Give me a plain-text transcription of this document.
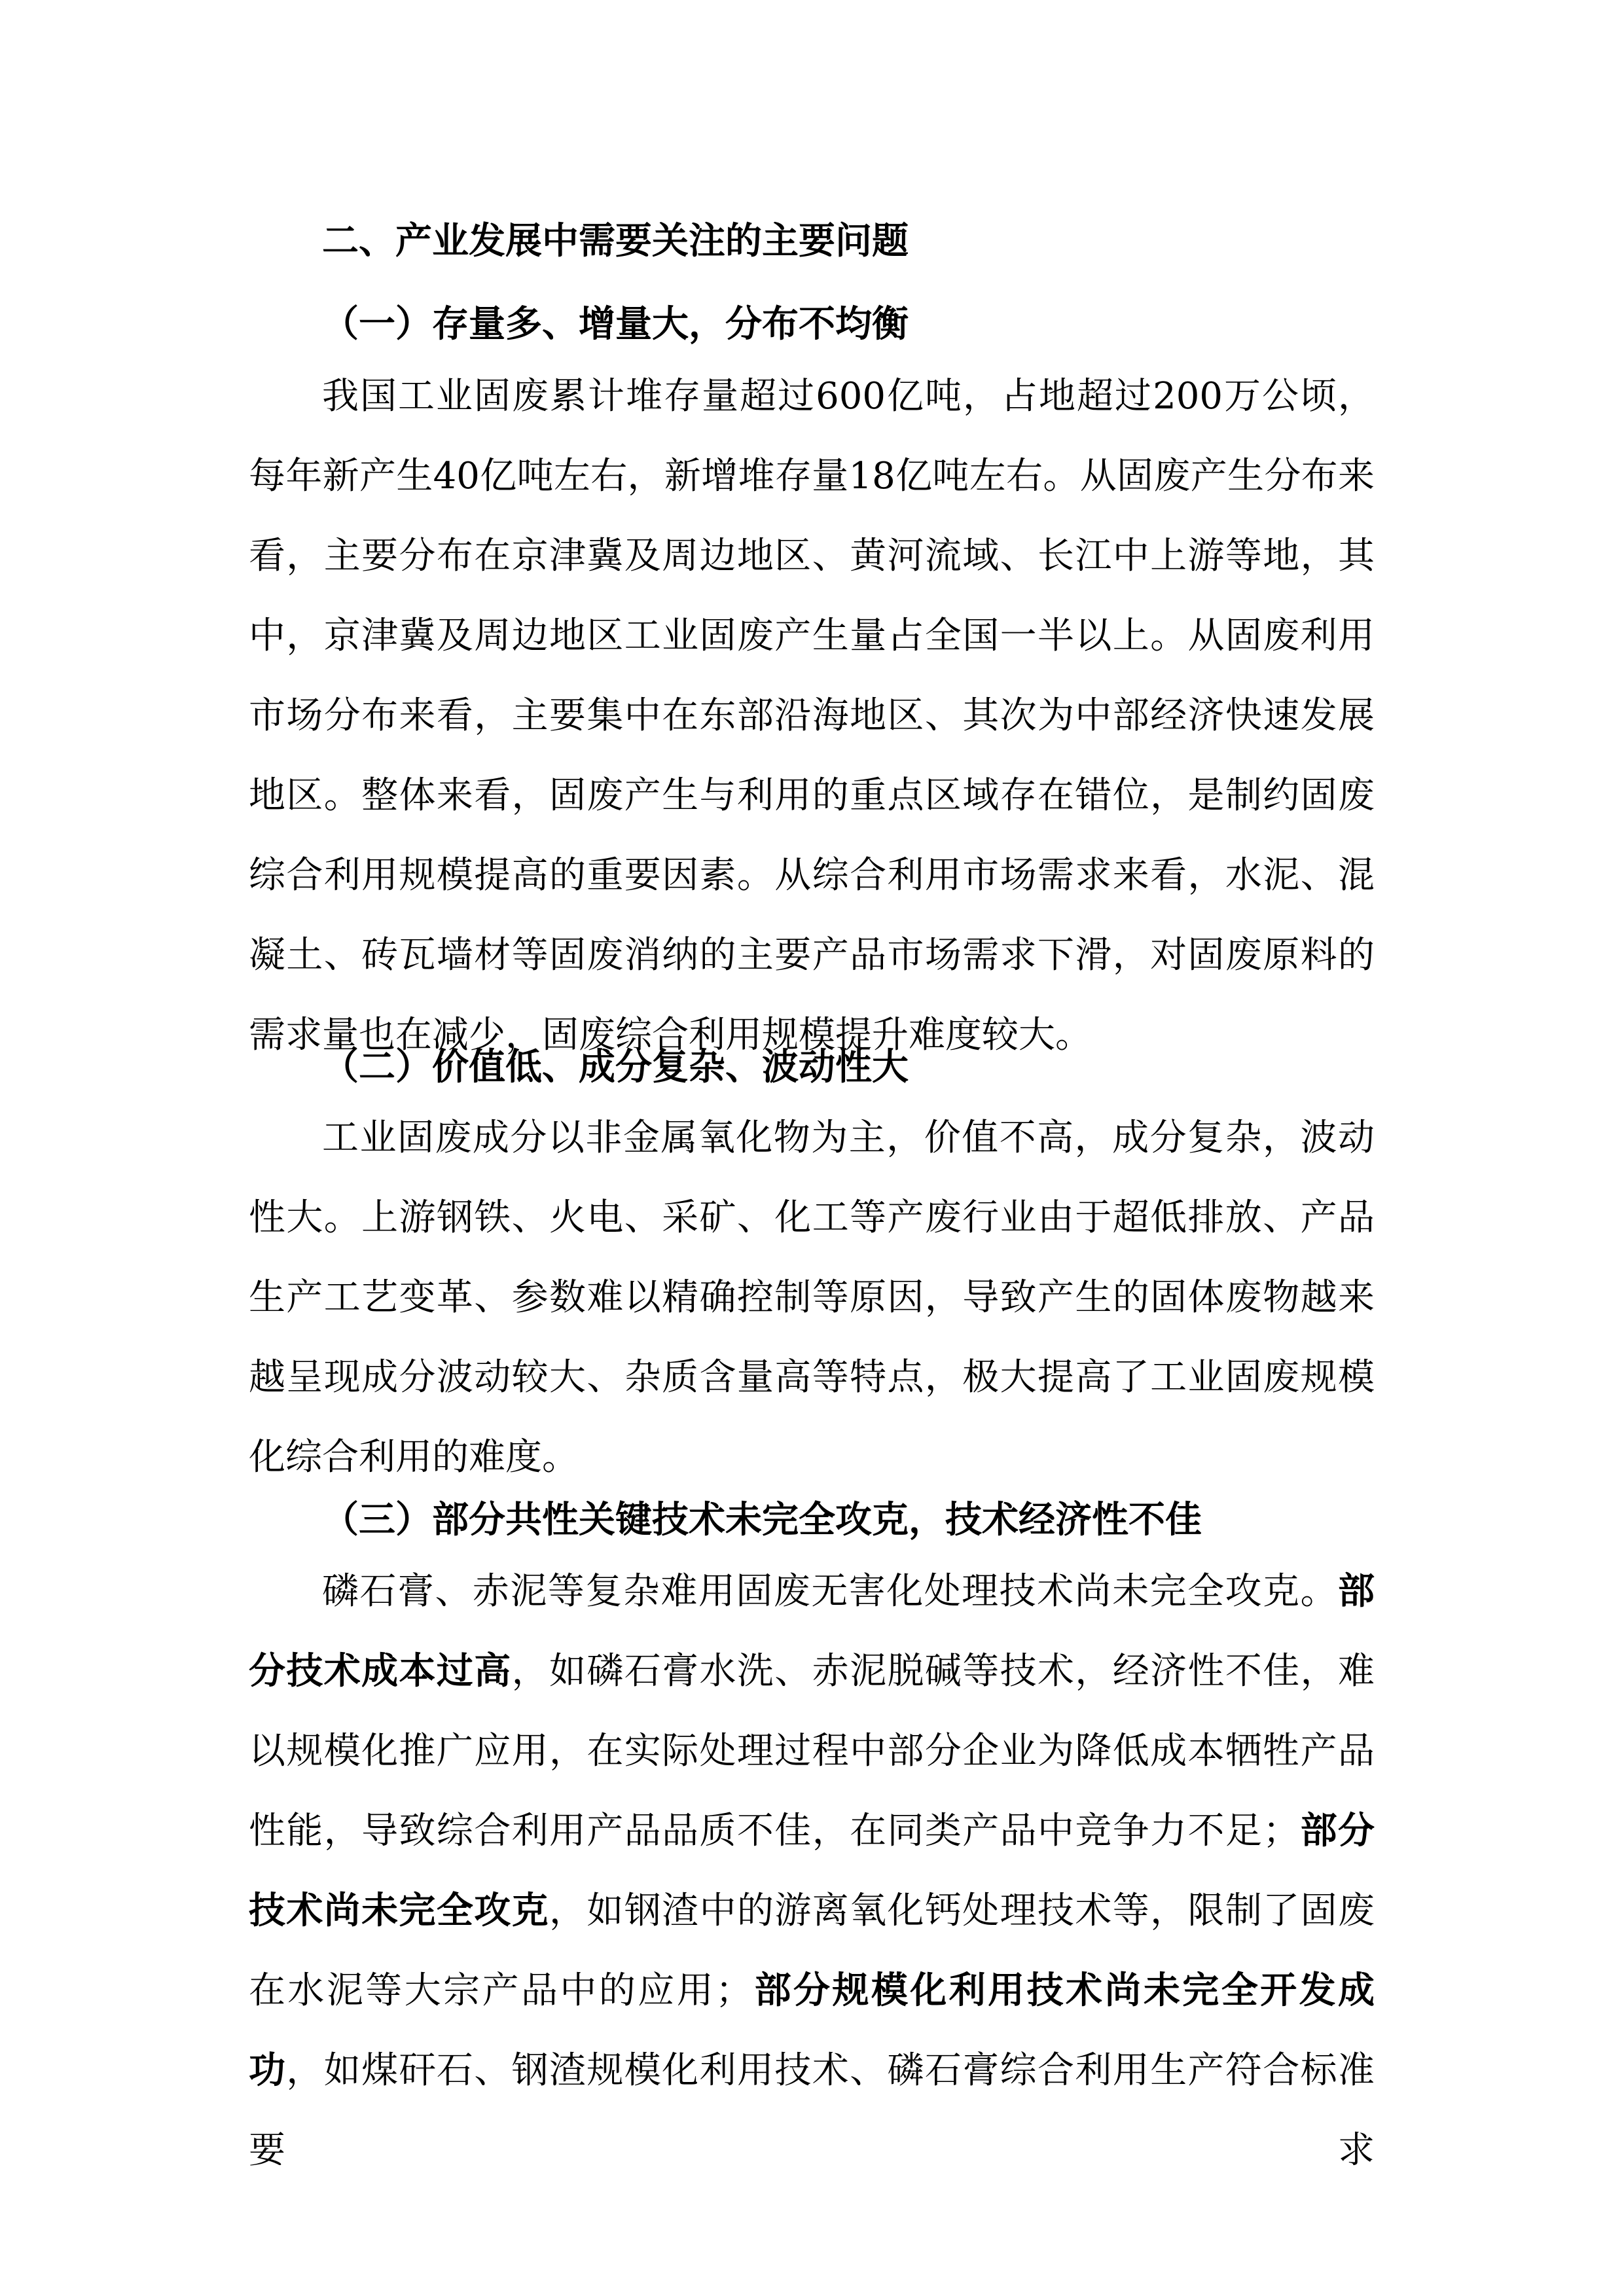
二、产业发展中需要关注的主要问题
（一）存量多、增量大，分布不均衡

我国工业固废累计堆存量超过600亿吨，占地超过200万公顷，每年新产生40亿吨左右，新增堆存量18亿吨左右。从固废产生分布来看，主要分布在京津冀及周边地区、黄河流域、长江中上游等地，其中，京津冀及周边地区工业固废产生量占全国一半以上。从固废利用市场分布来看，主要集中在东部沿海地区、其次为中部经济快速发展地区。整体来看，固废产生与利用的重点区域存在错位，是制约固废综合利用规模提高的重要因素。从综合利用市场需求来看，水泥、混凝土、砖瓦墙材等固废消纳的主要产品市场需求下滑，对固废原料的需求量也在减少，固废综合利用规模提升难度较大。

（二）价值低、成分复杂、波动性大

工业固废成分以非金属氧化物为主，价值不高，成分复杂，波动性大。上游钢铁、火电、采矿、化工等产废行业由于超低排放、产品生产工艺变革、参数难以精确控制等原因，导致产生的固体废物越来越呈现成分波动较大、杂质含量高等特点，极大提高了工业固废规模化综合利用的难度。

（三）部分共性关键技术未完全攻克，技术经济性不佳

磷石膏、赤泥等复杂难用固废无害化处理技术尚未完全攻克。部分技术成本过高，如磷石膏水洗、赤泥脱碱等技术，经济性不佳，难以规模化推广应用，在实际处理过程中部分企业为降低成本牺牲产品性能，导致综合利用产品品质不佳，在同类产品中竞争力不足；部分技术尚未完全攻克，如钢渣中的游离氧化钙处理技术等，限制了固废在水泥等大宗产品中的应用；部分规模化利用技术尚未完全开发成功，如煤矸石、钢渣规模化利用技术、磷石膏综合利用生产符合标准要求
